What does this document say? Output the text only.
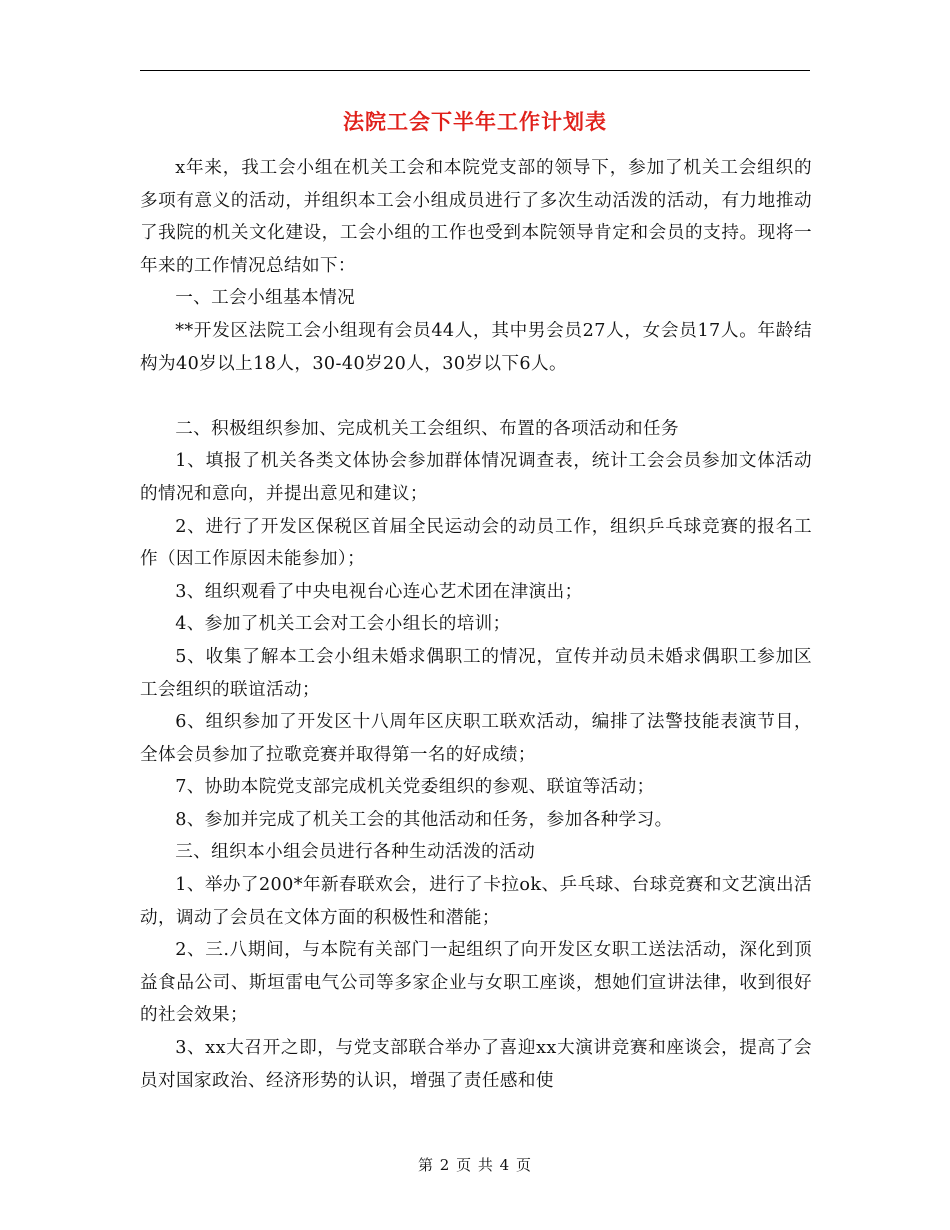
法院工会下半年工作计划表

x年来，我工会小组在机关工会和本院党支部的领导下，参加了机关工会组织的多项有意义的活动，并组织本工会小组成员进行了多次生动活泼的活动，有力地推动了我院的机关文化建设，工会小组的工作也受到本院领导肯定和会员的支持。现将一年来的工作情况总结如下：

一、工会小组基本情况

**开发区法院工会小组现有会员44人，其中男会员27人，女会员17人。年龄结构为40岁以上18人，30-40岁20人，30岁以下6人。

二、积极组织参加、完成机关工会组织、布置的各项活动和任务

1、填报了机关各类文体协会参加群体情况调查表，统计工会会员参加文体活动的情况和意向，并提出意见和建议；

2、进行了开发区保税区首届全民运动会的动员工作，组织乒乓球竞赛的报名工作（因工作原因未能参加）；

3、组织观看了中央电视台心连心艺术团在津演出；

4、参加了机关工会对工会小组长的培训；

5、收集了解本工会小组未婚求偶职工的情况，宣传并动员未婚求偶职工参加区工会组织的联谊活动；

6、组织参加了开发区十八周年区庆职工联欢活动，编排了法警技能表演节目，全体会员参加了拉歌竞赛并取得第一名的好成绩；

7、协助本院党支部完成机关党委组织的参观、联谊等活动；

8、参加并完成了机关工会的其他活动和任务，参加各种学习。

三、组织本小组会员进行各种生动活泼的活动

1、举办了200*年新春联欢会，进行了卡拉ok、乒乓球、台球竞赛和文艺演出活动，调动了会员在文体方面的积极性和潜能；

2、三.八期间，与本院有关部门一起组织了向开发区女职工送法活动，深化到顶益食品公司、斯垣雷电气公司等多家企业与女职工座谈，想她们宣讲法律，收到很好的社会效果；

3、xx大召开之即，与党支部联合举办了喜迎xx大演讲竞赛和座谈会，提高了会员对国家政治、经济形势的认识，增强了责任感和使

第 2 页 共 4 页
